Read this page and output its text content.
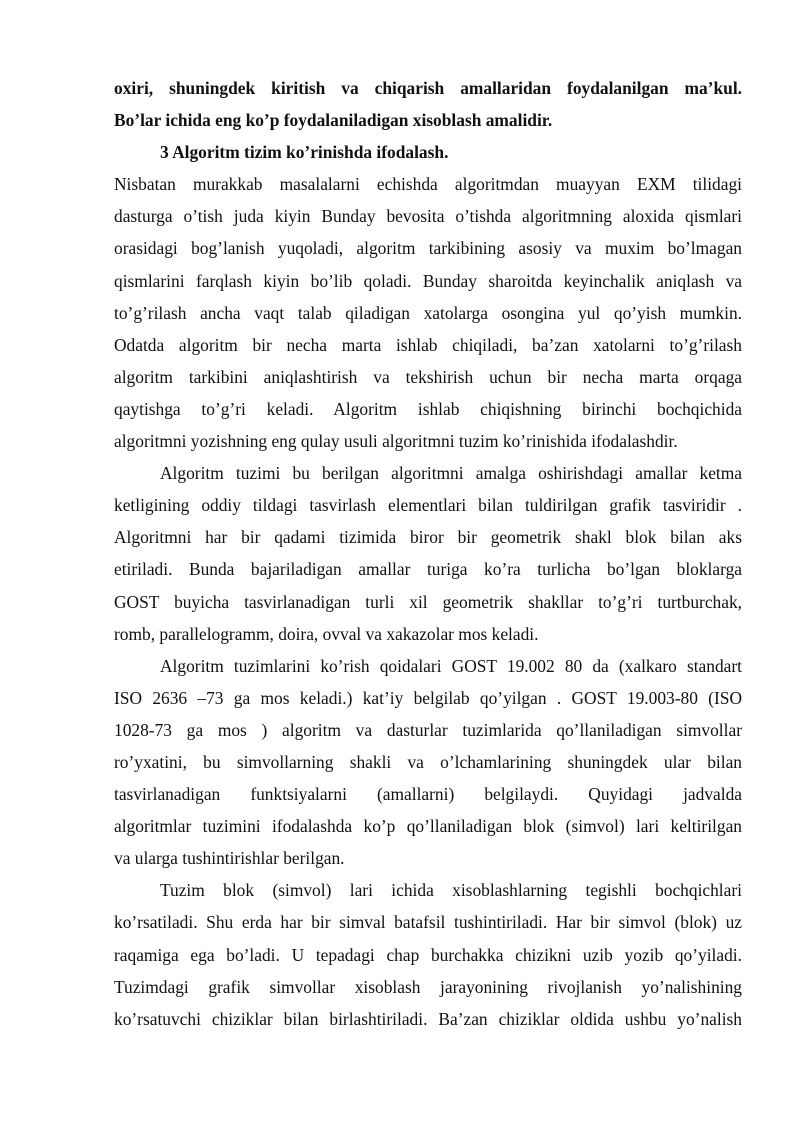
oxiri, shuningdek kiritish va chiqarish amallaridan foydalanilgan ma’kul.
Bo’lar ichida eng ko’p foydalaniladigan xisoblash amalidir.
3 Algoritm tizim ko’rinishda ifodalash.
Nisbatan murakkab masalalarni echishda algoritmdan muayyan EXM tilidagi
dasturga o’tish juda kiyin Bunday bevosita o’tishda algoritmning aloxida qismlari
orasidagi bog’lanish yuqoladi, algoritm tarkibining asosiy va muxim bo’lmagan
qismlarini farqlash kiyin bo’lib qoladi. Bunday sharoitda keyinchalik aniqlash va
to’g’rilash ancha vaqt talab qiladigan xatolarga osongina yul qo’yish mumkin.
Odatda algoritm bir necha marta ishlab chiqiladi, ba’zan xatolarni to’g’rilash
algoritm tarkibini aniqlashtirish va tekshirish uchun bir necha marta orqaga
qaytishga to’g’ri keladi. Algoritm ishlab chiqishning birinchi bochqichida
algoritmni yozishning eng qulay usuli algoritmni tuzim ko’rinishida ifodalashdir.
Algoritm tuzimi bu berilgan algoritmni amalga oshirishdagi amallar ketma
ketligining oddiy tildagi tasvirlash elementlari bilan tuldirilgan grafik tasviridir .
Algoritmni har bir qadami tizimida biror bir geometrik shakl blok bilan aks
etiriladi. Bunda bajariladigan amallar turiga ko’ra turlicha bo’lgan bloklarga
GOST buyicha tasvirlanadigan turli xil geometrik shakllar to’g’ri turtburchak,
romb, parallelogramm, doira, ovval va xakazolar mos keladi.
Algoritm tuzimlarini ko’rish qoidalari GOST 19.002 80 da (xalkaro standart
ISO 2636 –73 ga mos keladi.) kat’iy belgilab qo’yilgan . GOST 19.003-80 (ISO
1028-73 ga mos ) algoritm va dasturlar tuzimlarida qo’llaniladigan simvollar
ro’yxatini, bu simvollarning shakli va o’lchamlarining shuningdek ular bilan
tasvirlanadigan funktsiyalarni (amallarni) belgilaydi. Quyidagi jadvalda
algoritmlar tuzimini ifodalashda ko’p qo’llaniladigan blok (simvol) lari keltirilgan
va ularga tushintirishlar berilgan.
Tuzim blok (simvol) lari ichida xisoblashlarning tegishli bochqichlari
ko’rsatiladi. Shu erda har bir simval batafsil tushintiriladi. Har bir simvol (blok) uz
raqamiga ega bo’ladi. U tepadagi chap burchakka chizikni uzib yozib qo’yiladi.
Tuzimdagi grafik simvollar xisoblash jarayonining rivojlanish yo’nalishining
ko’rsatuvchi chiziklar bilan birlashtiriladi. Ba’zan chiziklar oldida ushbu yo’nalish
